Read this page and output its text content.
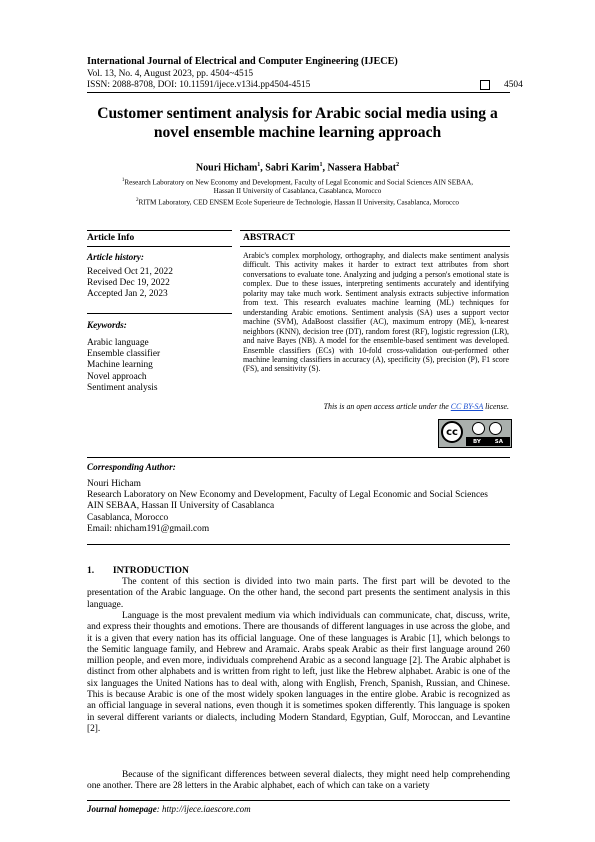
International Journal of Electrical and Computer Engineering (IJECE)
Vol. 13, No. 4, August 2023, pp. 4504~4515
ISSN: 2088-8708, DOI: 10.11591/ijece.v13i4.pp4504-4515	4504
Customer sentiment analysis for Arabic social media using a
novel ensemble machine learning approach
Nouri Hicham$^1$, Sabri Karim$^1$, Nassera Habbat$^2$
$^1$Research Laboratory on New Economy and Development, Faculty of Legal Economic and Social Sciences AIN SEBAA,
Hassan II University of Casablanca, Casablanca, Morocco
$^2$RITM Laboratory, CED ENSEM Ecole Superieure de Technologie, Hassan II University, Casablanca, Morocco
Article Info	ABSTRACT
Article history:
Received Oct 21, 2022
Revised Dec 19, 2022
Accepted Jan 2, 2023
Keywords:
Arabic language
Ensemble classifier
Machine learning
Novel approach
Sentiment analysis
Arabic's complex morphology, orthography, and dialects make sentiment analysis difficult. This activity makes it harder to extract text attributes from short conversations to evaluate tone. Analyzing and judging a person's emotional state is complex. Due to these issues, interpreting sentiments accurately and identifying polarity may take much work. Sentiment analysis extracts subjective information from text. This research evaluates machine learning (ML) techniques for understanding Arabic emotions. Sentiment analysis (SA) uses a support vector machine (SVM), AdaBoost classifier (AC), maximum entropy (ME), k-nearest neighbors (KNN), decision tree (DT), random forest (RF), logistic regression (LR), and naive Bayes (NB). A model for the ensemble-based sentiment was developed. Ensemble classifiers (ECs) with 10-fold cross-validation out-performed other machine learning classifiers in accuracy (A), specificity (S), precision (P), F1 score (FS), and sensitivity (S).
This is an open access article under the CC BY-SA license.
cc
BY	SA
Corresponding Author:
Nouri Hicham
Research Laboratory on New Economy and Development, Faculty of Legal Economic and Social Sciences
AIN SEBAA, Hassan II University of Casablanca
Casablanca, Morocco
Email: nhicham191@gmail.com
1. INTRODUCTION
The content of this section is divided into two main parts. The first part will be devoted to the presentation of the Arabic language. On the other hand, the second part presents the sentiment analysis in this language.
Language is the most prevalent medium via which individuals can communicate, chat, discuss, write, and express their thoughts and emotions. There are thousands of different languages in use across the globe, and it is a given that every nation has its official language. One of these languages is Arabic [1], which belongs to the Semitic language family, and Hebrew and Aramaic. Arabs speak Arabic as their first language around 260 million people, and even more, individuals comprehend Arabic as a second language [2]. The Arabic alphabet is distinct from other alphabets and is written from right to left, just like the Hebrew alphabet. Arabic is one of the six languages the United Nations has to deal with, along with English, French, Spanish, Russian, and Chinese. This is because Arabic is one of the most widely spoken languages in the entire globe. Arabic is recognized as an official language in several nations, even though it is sometimes spoken differently. This language is spoken in several different variants or dialects, including Modern Standard, Egyptian, Gulf, Moroccan, and Levantine [2].
Because of the significant differences between several dialects, they might need help comprehending one another. There are 28 letters in the Arabic alphabet, each of which can take on a variety
Journal homepage: http://ijece.iaescore.com
